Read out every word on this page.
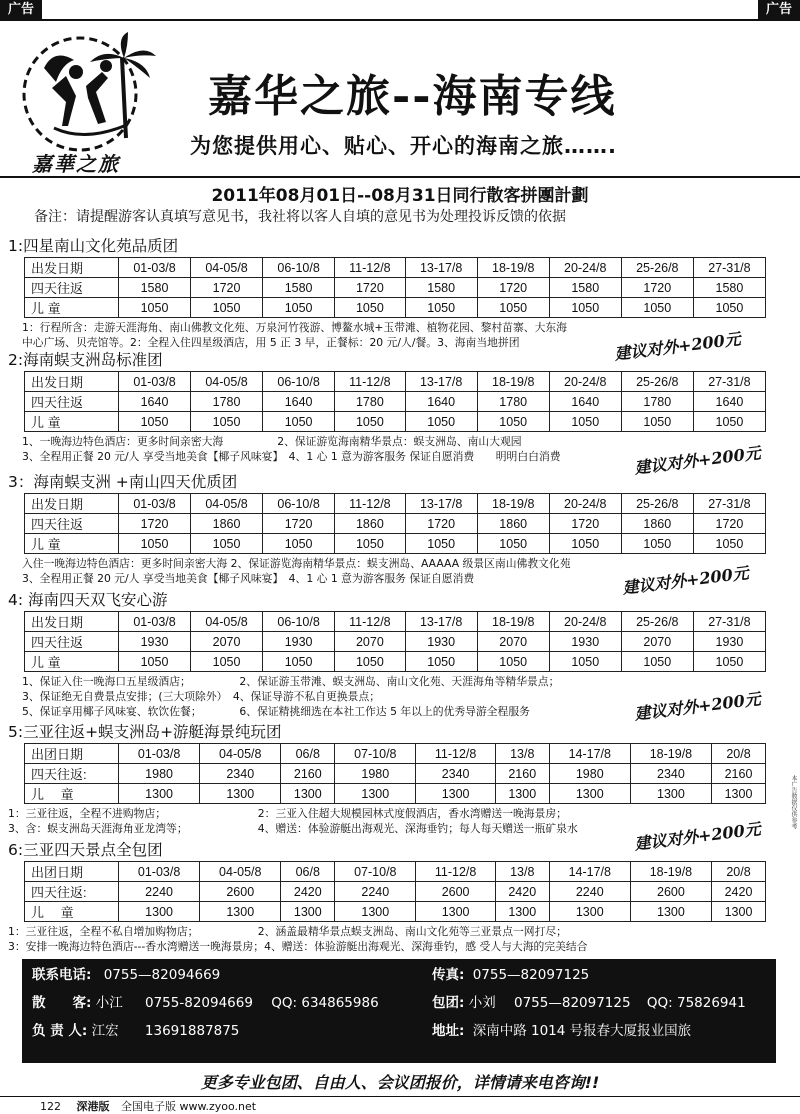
广告	广告
嘉華之旅
嘉华之旅--海南专线
为您提供用心、贴心、开心的海南之旅…….
2011年08月01日--08月31日同行散客拼團計劃
备注：请提醒游客认真填写意见书，我社将以客人自填的意见书为处理投诉反馈的依据
1:四星南山文化苑品质团
出发日期	01-03/8	04-05/8	06-10/8	11-12/8	13-17/8	18-19/8	20-24/8	25-26/8	27-31/8
四天往返	1580	1720	1580	1720	1580	1720	1580	1720	1580
儿 童	1050	1050	1050	1050	1050	1050	1050	1050	1050
1：行程所含：走游天涯海角、南山佛教文化苑、万泉河竹筏游、博鳌水城+玉带滩、植物花园、黎村苗寨、大东海
中心广场、贝壳馆等。2：全程入住四星级酒店，用 5 正 3 早，正餐标：20 元/人/餐。3、海南当地拼团
2:海南蜈支洲岛标准团
出发日期	01-03/8	04-05/8	06-10/8	11-12/8	13-17/8	18-19/8	20-24/8	25-26/8	27-31/8
四天往返	1640	1780	1640	1780	1640	1780	1640	1780	1640
儿 童	1050	1050	1050	1050	1050	1050	1050	1050	1050
1、一晚海边特色酒店：更多时间亲密大海　　　　　2、保证游览海南精华景点：蜈支洲岛、南山大观园
3、全程用正餐 20 元/人 享受当地美食【椰子风味宴】　4、1 心 1 意为游客服务 保证自愿消费　　明明白白消费
3：海南蜈支洲 +南山四天优质团
出发日期	01-03/8	04-05/8	06-10/8	11-12/8	13-17/8	18-19/8	20-24/8	25-26/8	27-31/8
四天往返	1720	1860	1720	1860	1720	1860	1720	1860	1720
儿 童	1050	1050	1050	1050	1050	1050	1050	1050	1050
入住一晚海边特色酒店：更多时间亲密大海 2、保证游览海南精华景点：蜈支洲岛、AAAAA 级景区南山佛教文化苑
3、全程用正餐 20 元/人 享受当地美食【椰子风味宴】　4、1 心 1 意为游客服务 保证自愿消费
4: 海南四天双飞安心游
出发日期	01-03/8	04-05/8	06-10/8	11-12/8	13-17/8	18-19/8	20-24/8	25-26/8	27-31/8
四天往返	1930	2070	1930	2070	1930	2070	1930	2070	1930
儿 童	1050	1050	1050	1050	1050	1050	1050	1050	1050
1、保证入住一晚海口五星级酒店；　　　　　2、保证游玉带滩、蜈支洲岛、南山文化苑、天涯海角等精华景点；
3、保证绝无自费景点安排；(三大项除外）　4、保证导游不私自更换景点；
5、保证享用椰子风味宴、软饮佐餐；　　　　6、保证精挑细选在本社工作达 5 年以上的优秀导游全程服务
5:三亚往返+蜈支洲岛+游艇海景纯玩团
出团日期	01-03/8	04-05/8	06/8	07-10/8	11-12/8	13/8	14-17/8	18-19/8	20/8
四天往返:	1980	2340	2160	1980	2340	2160	1980	2340	2160
儿　 童	1300	1300	1300	1300	1300	1300	1300	1300	1300
1：三亚往返，全程不进购物店；　　　　　　　　　2：三亚入住超大规模园林式度假酒店，香水湾赠送一晚海景房；
3、含：蜈支洲岛天涯海角亚龙湾等；　　　　　　　4、赠送：体验游艇出海观光、深海垂钓；每人每天赠送一瓶矿泉水
6:三亚四天景点全包团
出团日期	01-03/8	04-05/8	06/8	07-10/8	11-12/8	13/8	14-17/8	18-19/8	20/8
四天往返:	2240	2600	2420	2240	2600	2420	2240	2600	2420
儿　 童	1300	1300	1300	1300	1300	1300	1300	1300	1300
1：三亚往返，全程不私自增加购物店；　　　　　　2、涵盖最精华景点蜈支洲岛、南山文化苑等三亚景点一网打尽；
3：安排一晚海边特色酒店---香水湾赠送一晚海景房；4、赠送：体验游艇出海观光、深海垂钓，感 受人与大海的完美结合
联系电话: 0755—82094669	传真: 0755—82097125
散　　客: 小江 0755-82094669 QQ: 634865986	包团: 小刘 0755—82097125 QQ: 75826941
负 责 人: 江宏 13691887875	地址: 深南中路 1014 号报春大厦报业国旅
更多专业包团、自由人、会议团报价，详情请来电咨询!!
122 深港版 全国电子版 www.zyoo.net
本广告数据仅供参考
建议对外+200元
建议对外+200元
建议对外+200元
建议对外+200元
建议对外+200元
